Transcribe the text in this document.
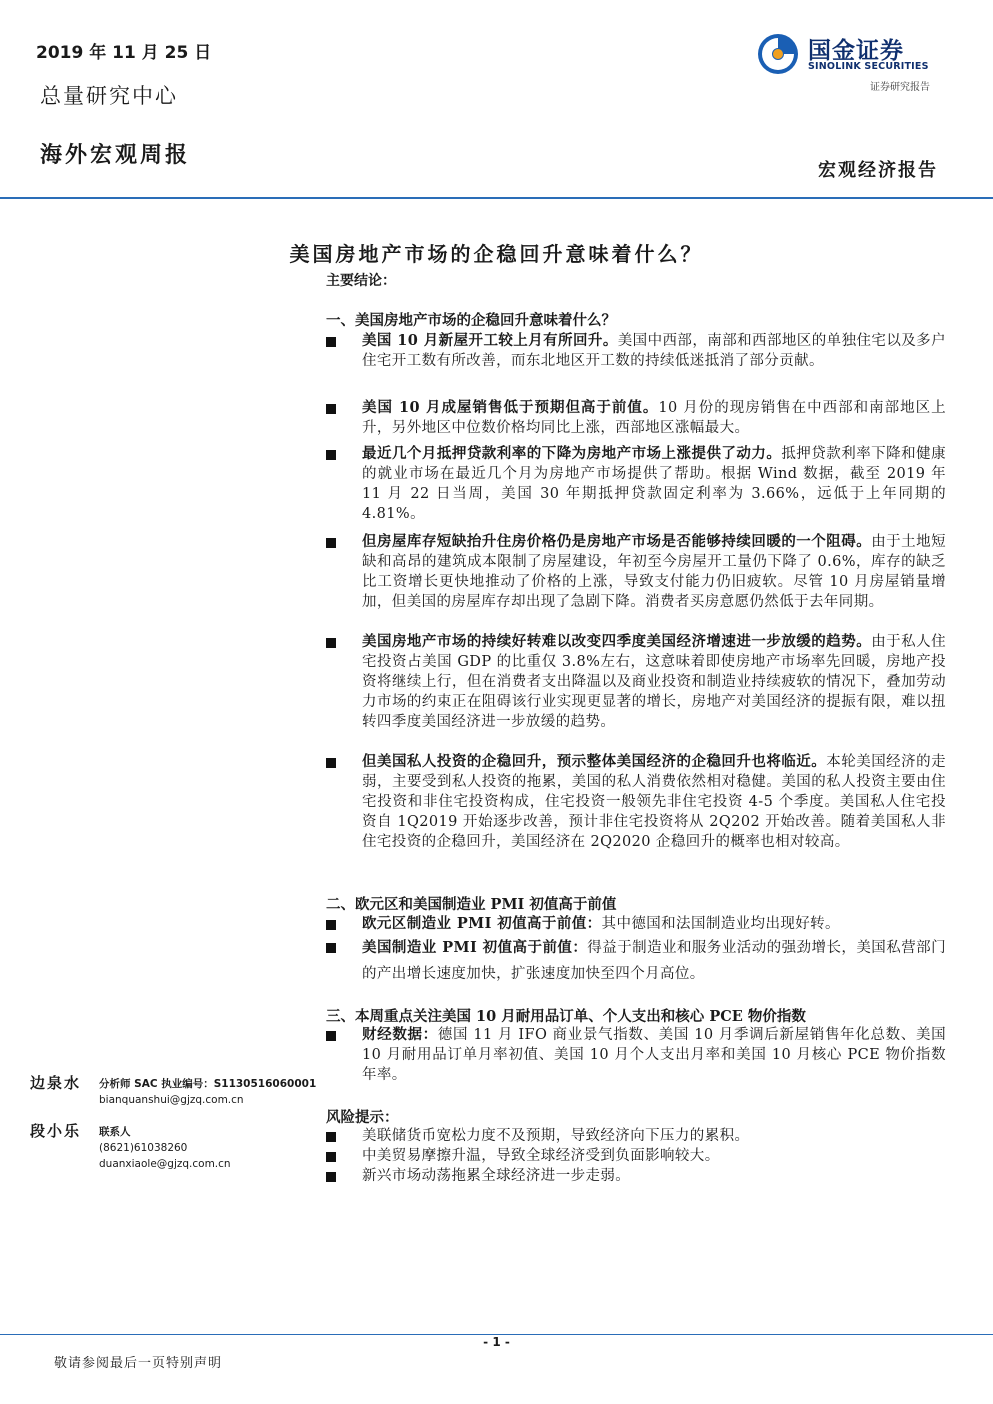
2019 年 11 月 25 日
总量研究中心
海外宏观周报
国金证券
SINOLINK SECURITIES
证券研究报告
宏观经济报告
美国房地产市场的企稳回升意味着什么？
主要结论：
一、美国房地产市场的企稳回升意味着什么？
美国 10 月新屋开工较上月有所回升。美国中西部，南部和西部地区的单独住宅以及多户住宅开工数有所改善，而东北地区开工数的持续低迷抵消了部分贡献。
美国 10 月成屋销售低于预期但高于前值。10 月份的现房销售在中西部和南部地区上升，另外地区中位数价格均同比上涨，西部地区涨幅最大。
最近几个月抵押贷款利率的下降为房地产市场上涨提供了动力。抵押贷款利率下降和健康的就业市场在最近几个月为房地产市场提供了帮助。根据 Wind 数据，截至 2019 年 11 月 22 日当周，美国 30 年期抵押贷款固定利率为 3.66%，远低于上年同期的 4.81%。
但房屋库存短缺抬升住房价格仍是房地产市场是否能够持续回暖的一个阻碍。由于土地短缺和高昂的建筑成本限制了房屋建设，年初至今房屋开工量仍下降了 0.6%，库存的缺乏比工资增长更快地推动了价格的上涨，导致支付能力仍旧疲软。尽管 10 月房屋销量增加，但美国的房屋库存却出现了急剧下降。消费者买房意愿仍然低于去年同期。
美国房地产市场的持续好转难以改变四季度美国经济增速进一步放缓的趋势。由于私人住宅投资占美国 GDP 的比重仅 3.8%左右，这意味着即使房地产市场率先回暖，房地产投资将继续上行，但在消费者支出降温以及商业投资和制造业持续疲软的情况下，叠加劳动力市场的约束正在阻碍该行业实现更显著的增长，房地产对美国经济的提振有限，难以扭转四季度美国经济进一步放缓的趋势。
但美国私人投资的企稳回升，预示整体美国经济的企稳回升也将临近。本轮美国经济的走弱，主要受到私人投资的拖累，美国的私人消费依然相对稳健。美国的私人投资主要由住宅投资和非住宅投资构成，住宅投资一般领先非住宅投资 4-5 个季度。美国私人住宅投资自 1Q2019 开始逐步改善，预计非住宅投资将从 2Q202 开始改善。随着美国私人非住宅投资的企稳回升，美国经济在 2Q2020 企稳回升的概率也相对较高。
二、欧元区和美国制造业 PMI 初值高于前值
欧元区制造业 PMI 初值高于前值：其中德国和法国制造业均出现好转。
美国制造业 PMI 初值高于前值：得益于制造业和服务业活动的强劲增长，美国私营部门的产出增长速度加快，扩张速度加快至四个月高位。
三、本周重点关注美国 10 月耐用品订单、个人支出和核心 PCE 物价指数
财经数据：德国 11 月 IFO 商业景气指数、美国 10 月季调后新屋销售年化总数、美国 10 月耐用品订单月率初值、美国 10 月个人支出月率和美国 10 月核心 PCE 物价指数年率。
风险提示：
美联储货币宽松力度不及预期，导致经济向下压力的累积。
中美贸易摩擦升温，导致全球经济受到负面影响较大。
新兴市场动荡拖累全球经济进一步走弱。
边泉水 分析师 SAC 执业编号：S1130516060001
bianquanshui@gjzq.com.cn
段小乐 联系人
(8621)61038260
duanxiaole@gjzq.com.cn
- 1 -
敬请参阅最后一页特别声明
